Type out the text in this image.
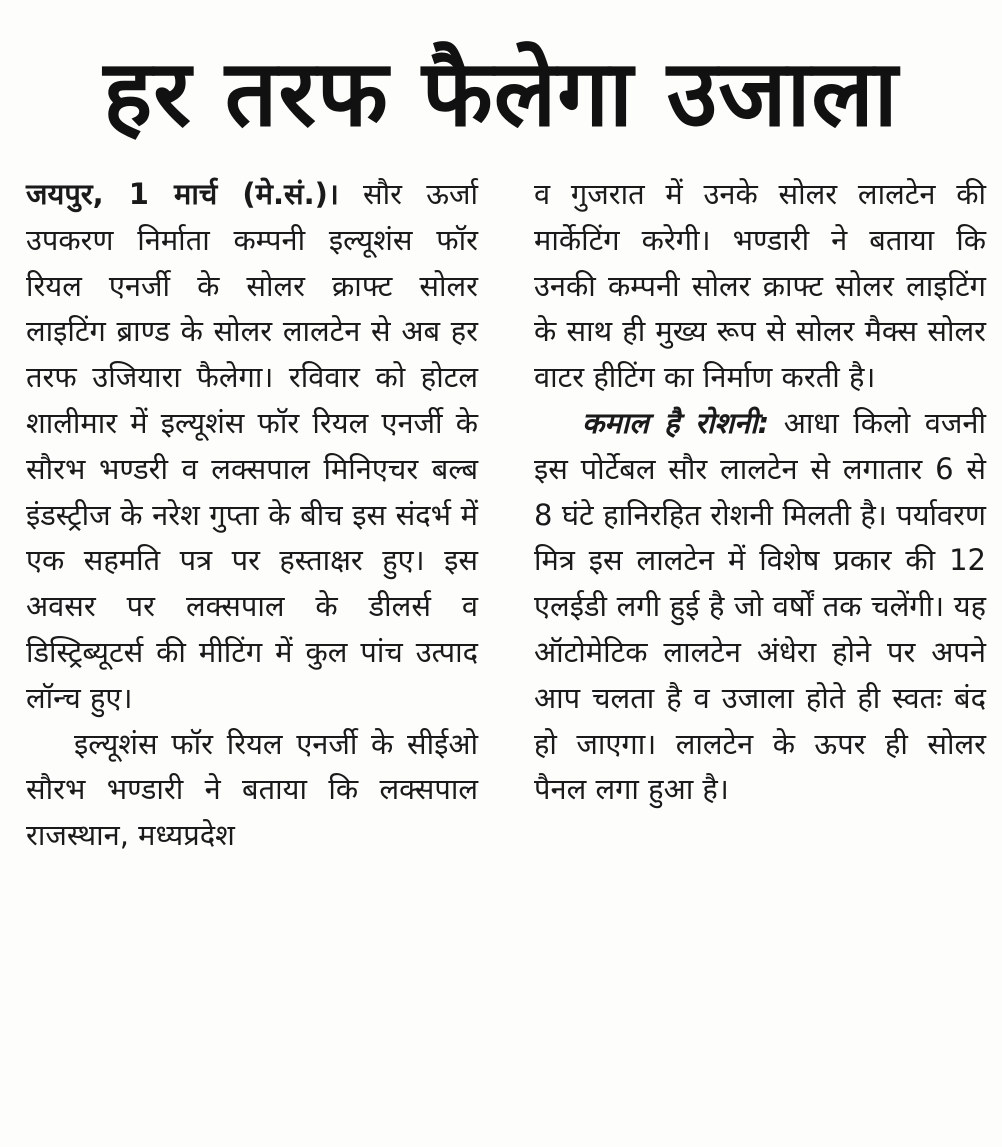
हर तरफ फैलेगा उजाला

जयपुर, 1 मार्च (मे.सं.)। सौर ऊर्जा उपकरण निर्माता कम्पनी इल्यूशंस फॉर रियल एनर्जी के सोलर क्राफ्ट सोलर लाइटिंग ब्राण्ड के सोलर लालटेन से अब हर तरफ उजियारा फैलेगा। रविवार को होटल शालीमार में इल्यूशंस फॉर रियल एनर्जी के सौरभ भण्डरी व लक्सपाल मिनिएचर बल्ब इंडस्ट्रीज के नरेश गुप्ता के बीच इस संदर्भ में एक सहमति पत्र पर हस्ताक्षर हुए। इस अवसर पर लक्सपाल के डीलर्स व डिस्ट्रिब्यूटर्स की मीटिंग में कुल पांच उत्पाद लॉन्च हुए।

इल्यूशंस फॉर रियल एनर्जी के सीईओ सौरभ भण्डारी ने बताया कि लक्सपाल राजस्थान, मध्यप्रदेश

व गुजरात में उनके सोलर लालटेन की मार्केटिंग करेगी। भण्डारी ने बताया कि उनकी कम्पनी सोलर क्राफ्ट सोलर लाइटिंग के साथ ही मुख्य रूप से सोलर मैक्स सोलर वाटर हीटिंग का निर्माण करती है।

कमाल है रोशनी: आधा किलो वजनी इस पोर्टेबल सौर लालटेन से लगातार 6 से 8 घंटे हानिरहित रोशनी मिलती है। पर्यावरण मित्र इस लालटेन में विशेष प्रकार की 12 एलईडी लगी हुई है जो वर्षों तक चलेंगी। यह ऑटोमेटिक लालटेन अंधेरा होने पर अपने आप चलता है व उजाला होते ही स्वतः बंद हो जाएगा। लालटेन के ऊपर ही सोलर पैनल लगा हुआ है।
